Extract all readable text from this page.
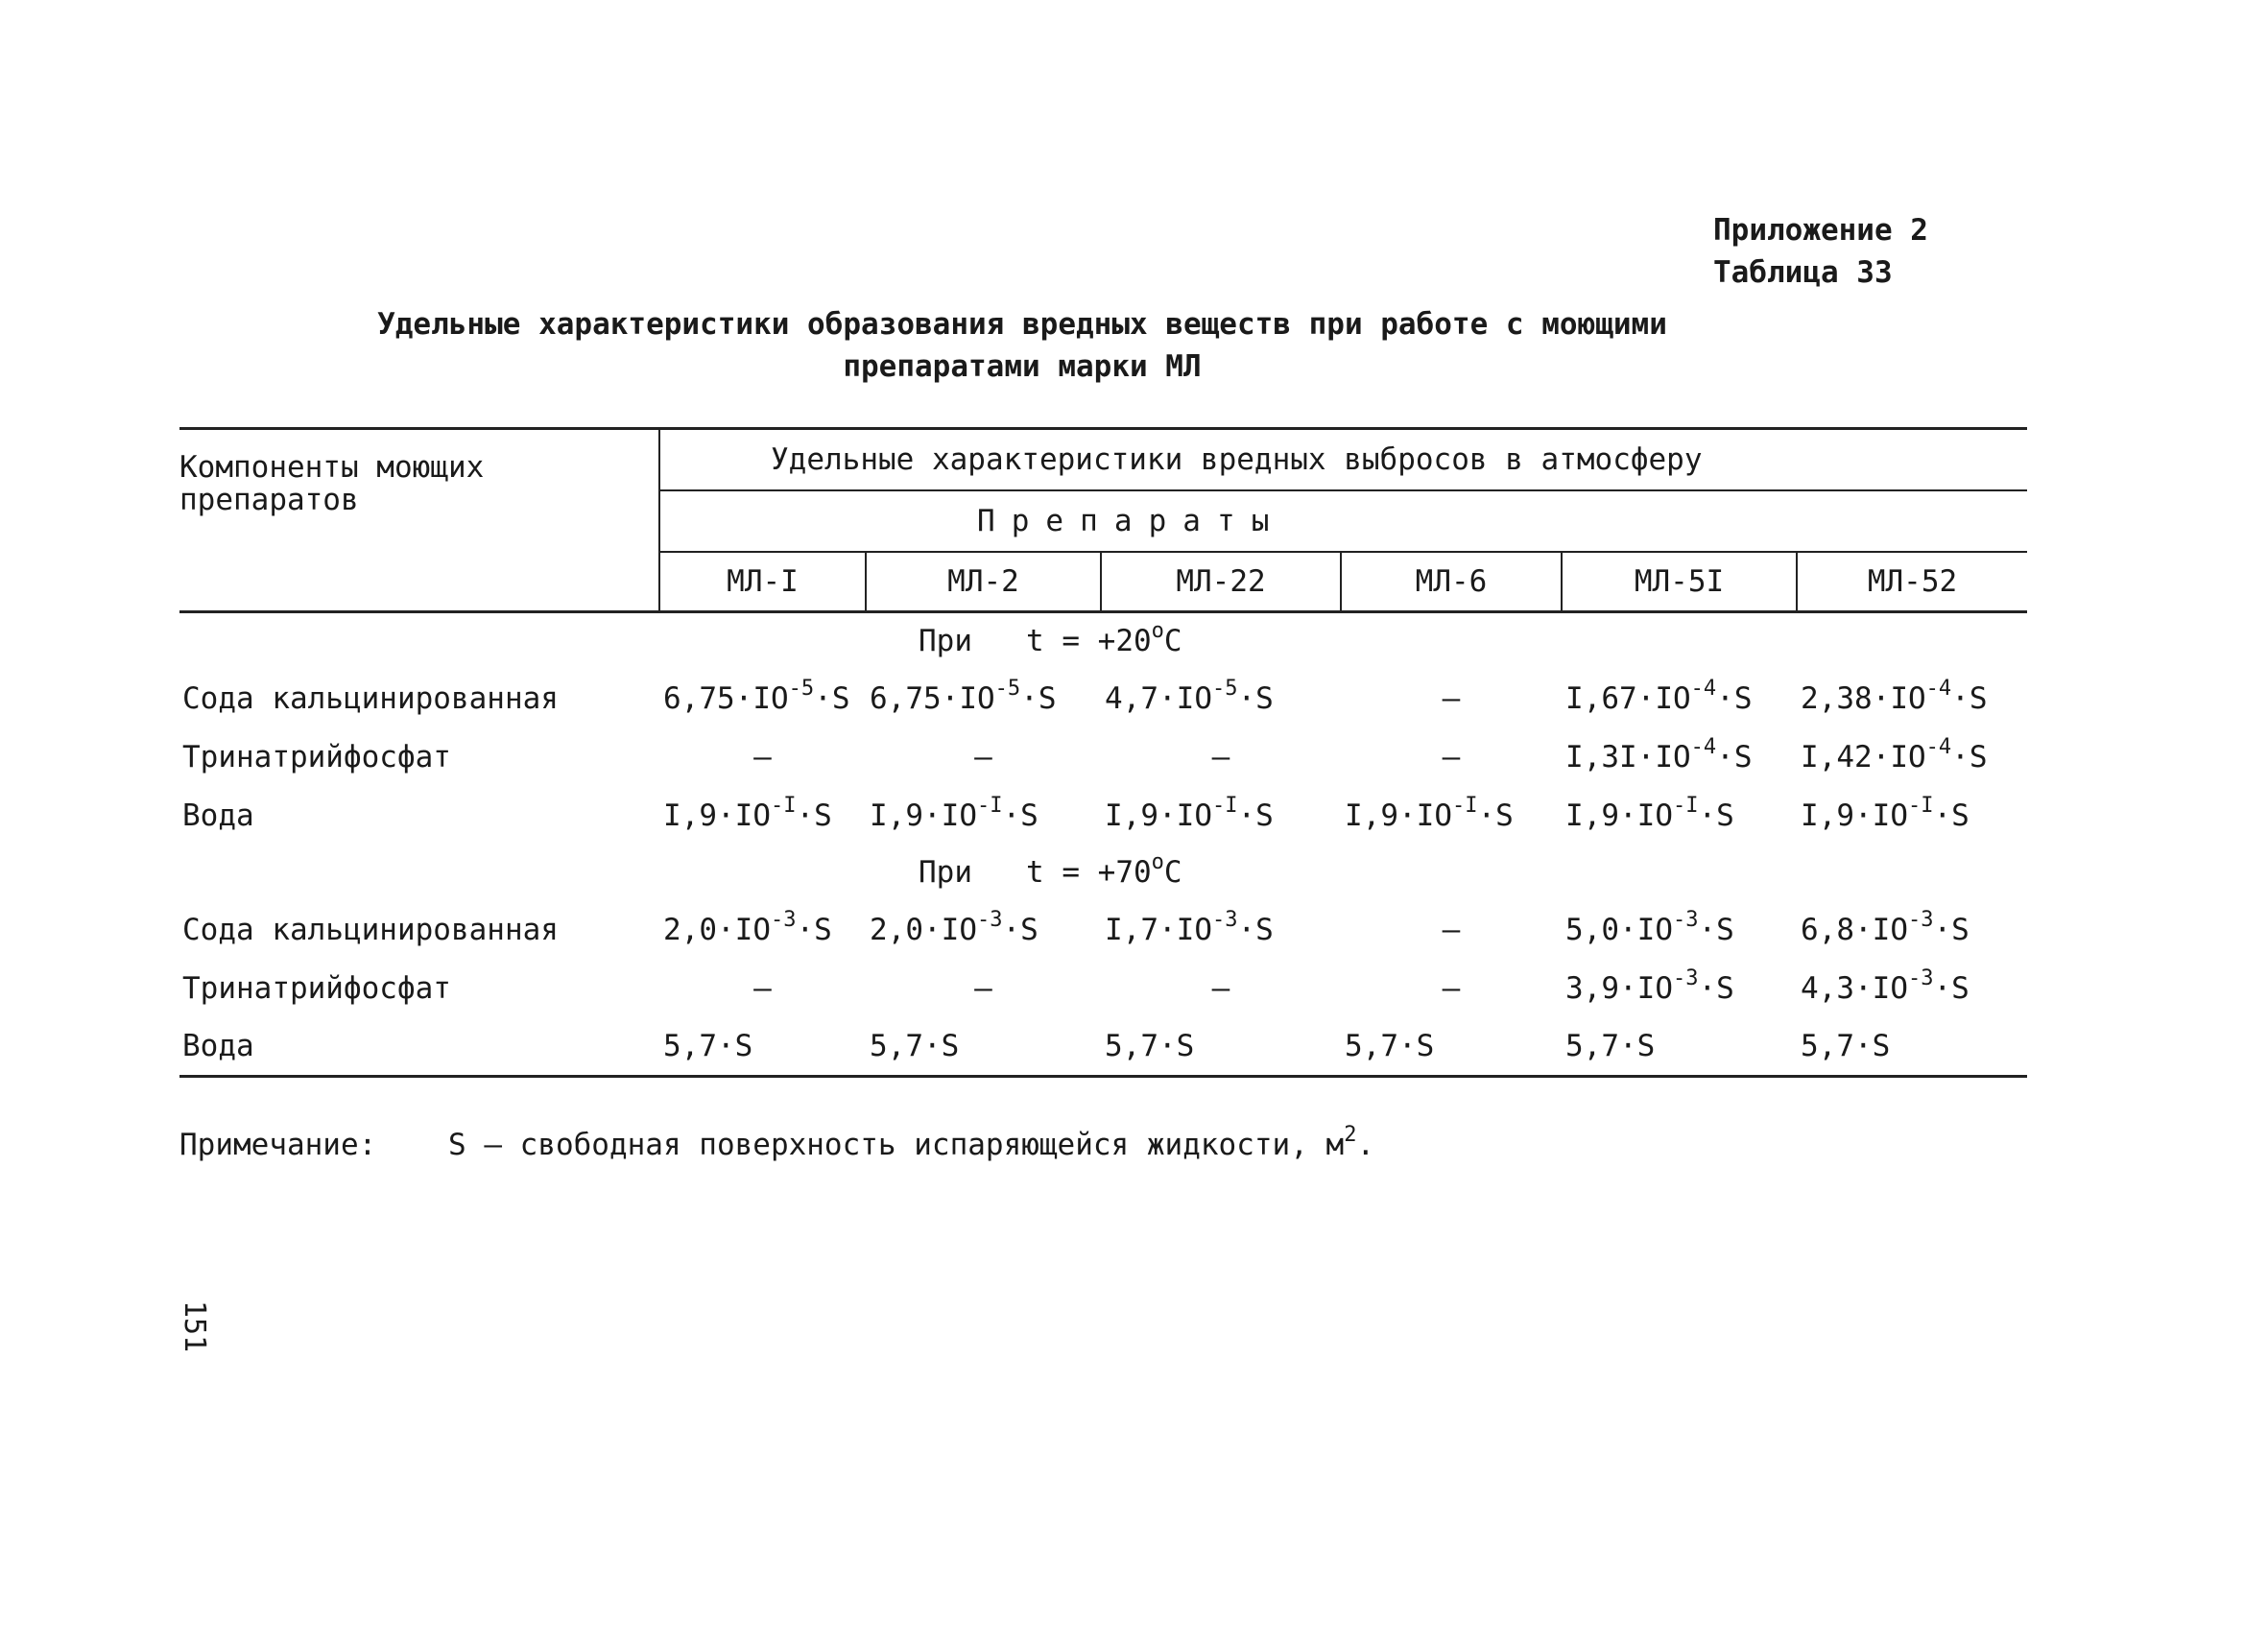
Приложение 2
Таблица 33
Удельные характеристики образования вредных веществ при работе с моющими
препаратами марки МЛ
Компоненты моющих препаратов	Удельные характеристики вредных выбросов в атмосферу					
	Препараты					
	МЛ-I	МЛ-2	МЛ-22	МЛ-6	МЛ-5I	МЛ-52
	При $t = +20^oC$					
Сода кальцинированная	$6,75\cdot IO^{-5}\cdot S$	$6,75\cdot IO^{-5}\cdot S$	$4,7\cdot IO^{-5}\cdot S$	–	$I,67\cdot IO^{-4}\cdot S$	$2,38\cdot IO^{-4}\cdot S$
Тринатрийфосфат	–	–	–	–	$I,3I\cdot IO^{-4}\cdot S$	$I,42\cdot IO^{-4}\cdot S$
Вода	$I,9\cdot IO^{-I}\cdot S$	$I,9\cdot IO^{-I}\cdot S$	$I,9\cdot IO^{-I}\cdot S$	$I,9\cdot IO^{-I}\cdot S$	$I,9\cdot IO^{-I}\cdot S$	$I,9\cdot IO^{-I}\cdot S$
	При $t = +70^oC$					
Сода кальцинированная	$2,0\cdot IO^{-3}\cdot S$	$2,0\cdot IO^{-3}\cdot S$	$I,7\cdot IO^{-3}\cdot S$	–	$5,0\cdot IO^{-3}\cdot S$	$6,8\cdot IO^{-3}\cdot S$
Тринатрийфосфат	–	–	–	–	$3,9\cdot IO^{-3}\cdot S$	$4,3\cdot IO^{-3}\cdot S$
Вода	5,7·S	5,7·S	5,7·S	5,7·S	5,7·S	5,7·S
Примечание: S – свободная поверхность испаряющейся жидкости, $м^2$.
151
